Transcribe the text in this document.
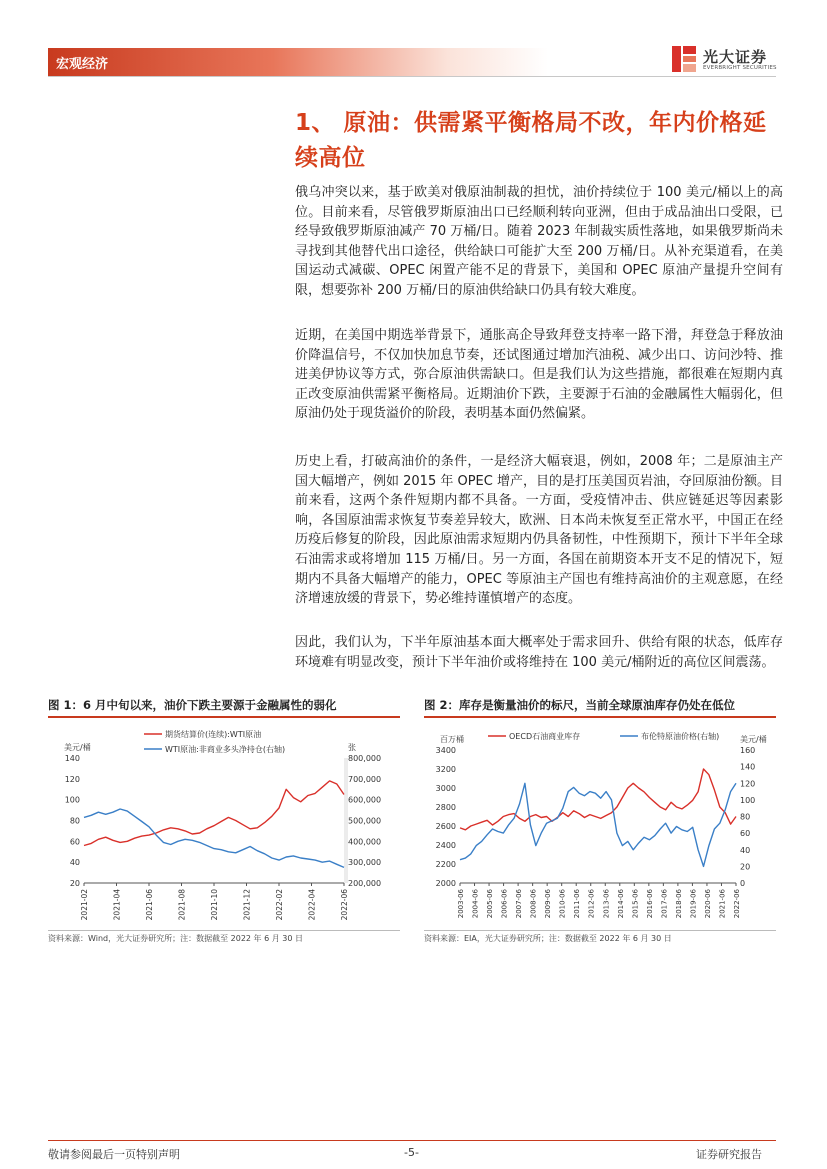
宏观经济	光大证券
EVERBRIGHT SECURITIES
1、 原油：供需紧平衡格局不改，年内价格延续高位

俄乌冲突以来，基于欧美对俄原油制裁的担忧，油价持续位于 100 美元/桶以上的高位。目前来看，尽管俄罗斯原油出口已经顺利转向亚洲，但由于成品油出口受限，已经导致俄罗斯原油减产 70 万桶/日。随着 2023 年制裁实质性落地，如果俄罗斯尚未寻找到其他替代出口途径，供给缺口可能扩大至 200 万桶/日。从补充渠道看，在美国运动式减碳、OPEC 闲置产能不足的背景下，美国和 OPEC 原油产量提升空间有限，想要弥补 200 万桶/日的原油供给缺口仍具有较大难度。

近期，在美国中期选举背景下，通胀高企导致拜登支持率一路下滑，拜登急于释放油价降温信号，不仅加快加息节奏，还试图通过增加汽油税、减少出口、访问沙特、推进美伊协议等方式，弥合原油供需缺口。但是我们认为这些措施，都很难在短期内真正改变原油供需紧平衡格局。近期油价下跌，主要源于石油的金融属性大幅弱化，但原油仍处于现货溢价的阶段，表明基本面仍然偏紧。

历史上看，打破高油价的条件，一是经济大幅衰退，例如，2008 年；二是原油主产国大幅增产，例如 2015 年 OPEC 增产，目的是打压美国页岩油，夺回原油份额。目前来看，这两个条件短期内都不具备。一方面，受疫情冲击、供应链延迟等因素影响，各国原油需求恢复节奏差异较大，欧洲、日本尚未恢复至正常水平，中国正在经历疫后修复的阶段，因此原油需求短期内仍具备韧性，中性预期下，预计下半年全球石油需求或将增加 115 万桶/日。另一方面，各国在前期资本开支不足的情况下，短期内不具备大幅增产的能力，OPEC 等原油主产国也有维持高油价的主观意愿，在经济增速放缓的背景下，势必维持谨慎增产的态度。

因此，我们认为，下半年原油基本面大概率处于需求回升、供给有限的状态，低库存环境难有明显改变，预计下半年油价或将维持在 100 美元/桶附近的高位区间震荡。

图 1：6 月中旬以来，油价下跌主要源于金融属性的弱化
美元/桶	张
20
40
60
80
100
120
140
200,000
300,000
400,000
500,000
600,000
700,000
800,000
2021-02	2021-04	2021-06	2021-08	2021-10	2021-12	2022-02	2022-04	2022-06
期货结算价(连续):WTI原油
WTI原油:非商业多头净持仓(右轴)
资料来源：Wind，光大证券研究所；注：数据截至 2022 年 6 月 30 日
图 2：库存是衡量油价的标尺，当前全球原油库存仍处在低位
百万桶	美元/桶
2000
2200
2400
2600
2800
3000
3200
3400
0
20
40
60
80
100
120
140
160
2003-06 2004-06 2005-06 2006-06 2007-06 2008-06 2009-06 2010-06 2011-06 2012-06 2013-06 2014-06 2015-06 2016-06 2017-06 2018-06 2019-06 2020-06 2021-06 2022-06
OECD石油商业库存	布伦特原油价格(右轴)
资料来源：EIA，光大证券研究所；注：数据截至 2022 年 6 月 30 日
敬请参阅最后一页特别声明	-5-	证券研究报告
